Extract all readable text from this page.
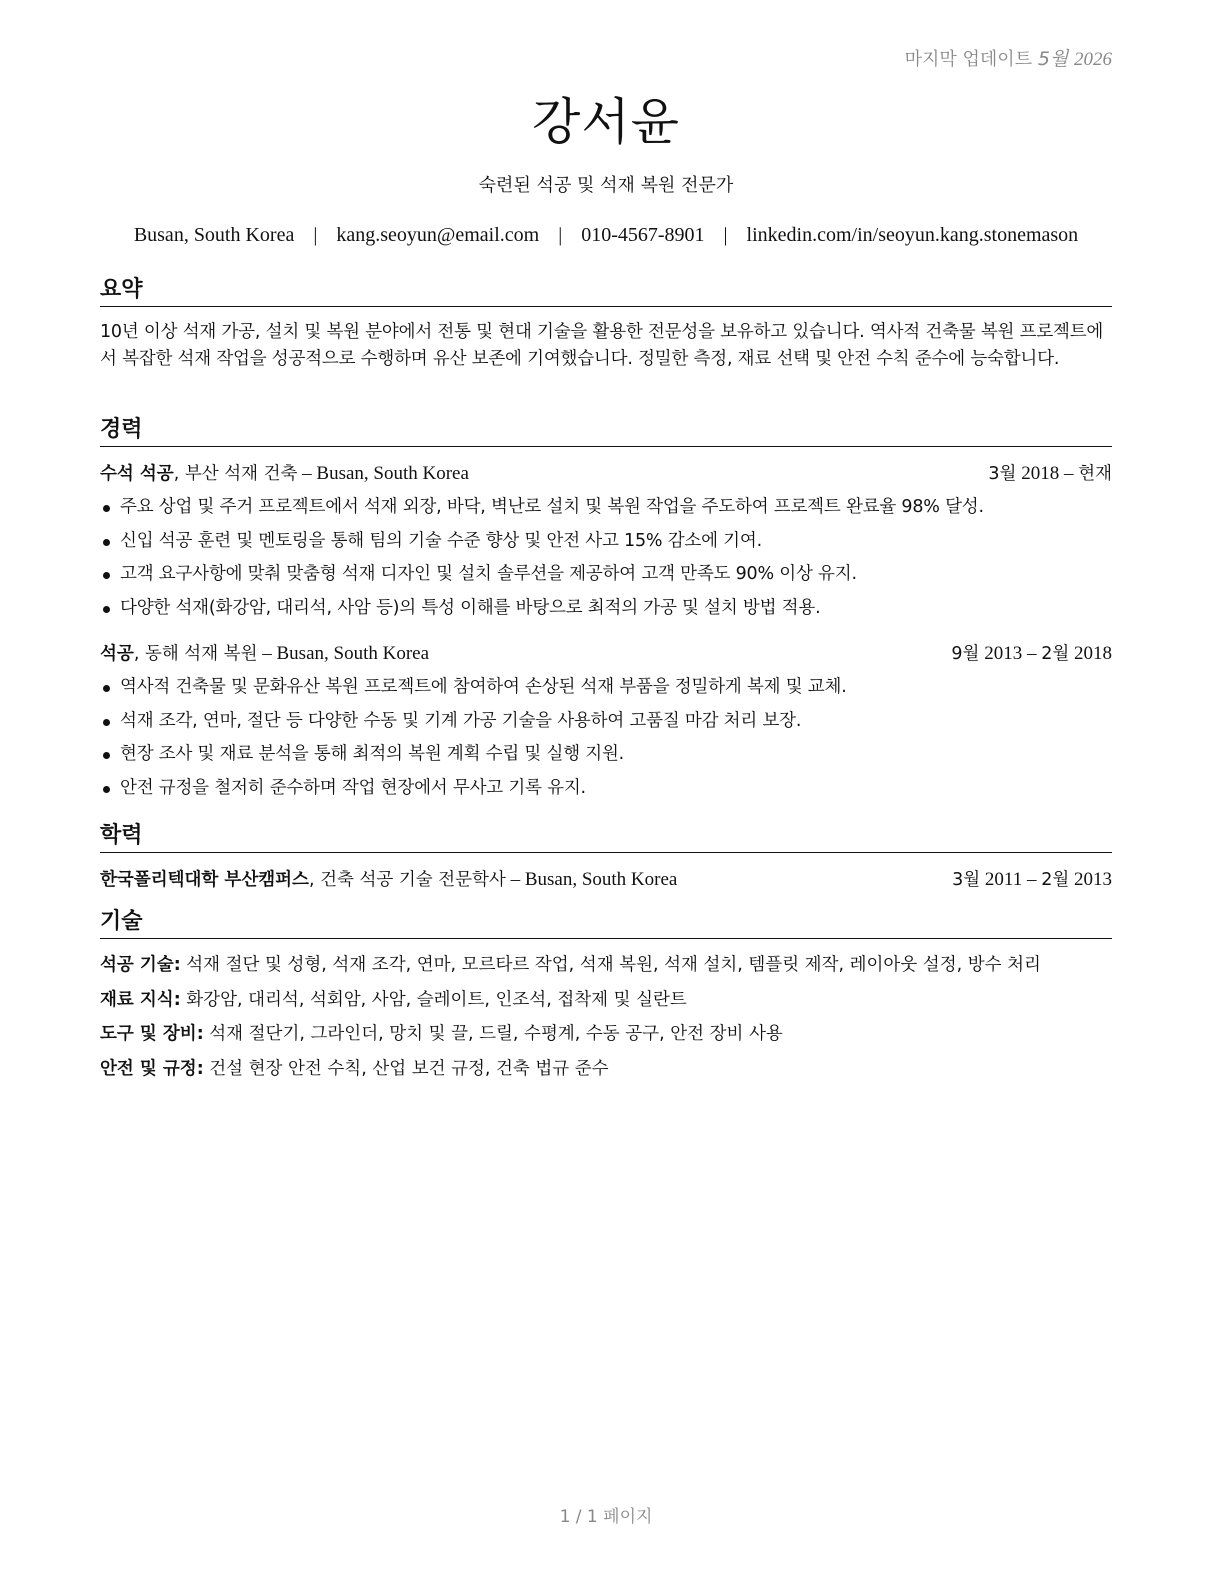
마지막 업데이트 5월 2026
강서윤
숙련된 석공 및 석재 복원 전문가
Busan, South Korea | kang.seoyun@email.com | 010-4567-8901 | linkedin.com/in/seoyun.kang.stonemason
요약
10년 이상 석재 가공, 설치 및 복원 분야에서 전통 및 현대 기술을 활용한 전문성을 보유하고 있습니다. 역사적 건축물 복원 프로젝트에서 복잡한 석재 작업을 성공적으로 수행하며 유산 보존에 기여했습니다. 정밀한 측정, 재료 선택 및 안전 수칙 준수에 능숙합니다.
경력
수석 석공, 부산 석재 건축 – Busan, South Korea	3월 2018 – 현재
주요 상업 및 주거 프로젝트에서 석재 외장, 바닥, 벽난로 설치 및 복원 작업을 주도하여 프로젝트 완료율 98% 달성.
신입 석공 훈련 및 멘토링을 통해 팀의 기술 수준 향상 및 안전 사고 15% 감소에 기여.
고객 요구사항에 맞춰 맞춤형 석재 디자인 및 설치 솔루션을 제공하여 고객 만족도 90% 이상 유지.
다양한 석재(화강암, 대리석, 사암 등)의 특성 이해를 바탕으로 최적의 가공 및 설치 방법 적용.
석공, 동해 석재 복원 – Busan, South Korea	9월 2013 – 2월 2018
역사적 건축물 및 문화유산 복원 프로젝트에 참여하여 손상된 석재 부품을 정밀하게 복제 및 교체.
석재 조각, 연마, 절단 등 다양한 수동 및 기계 가공 기술을 사용하여 고품질 마감 처리 보장.
현장 조사 및 재료 분석을 통해 최적의 복원 계획 수립 및 실행 지원.
안전 규정을 철저히 준수하며 작업 현장에서 무사고 기록 유지.
학력
한국폴리텍대학 부산캠퍼스, 건축 석공 기술 전문학사 – Busan, South Korea	3월 2011 – 2월 2013
기술
석공 기술: 석재 절단 및 성형, 석재 조각, 연마, 모르타르 작업, 석재 복원, 석재 설치, 템플릿 제작, 레이아웃 설정, 방수 처리
재료 지식: 화강암, 대리석, 석회암, 사암, 슬레이트, 인조석, 접착제 및 실란트
도구 및 장비: 석재 절단기, 그라인더, 망치 및 끌, 드릴, 수평계, 수동 공구, 안전 장비 사용
안전 및 규정: 건설 현장 안전 수칙, 산업 보건 규정, 건축 법규 준수
1 / 1 페이지
